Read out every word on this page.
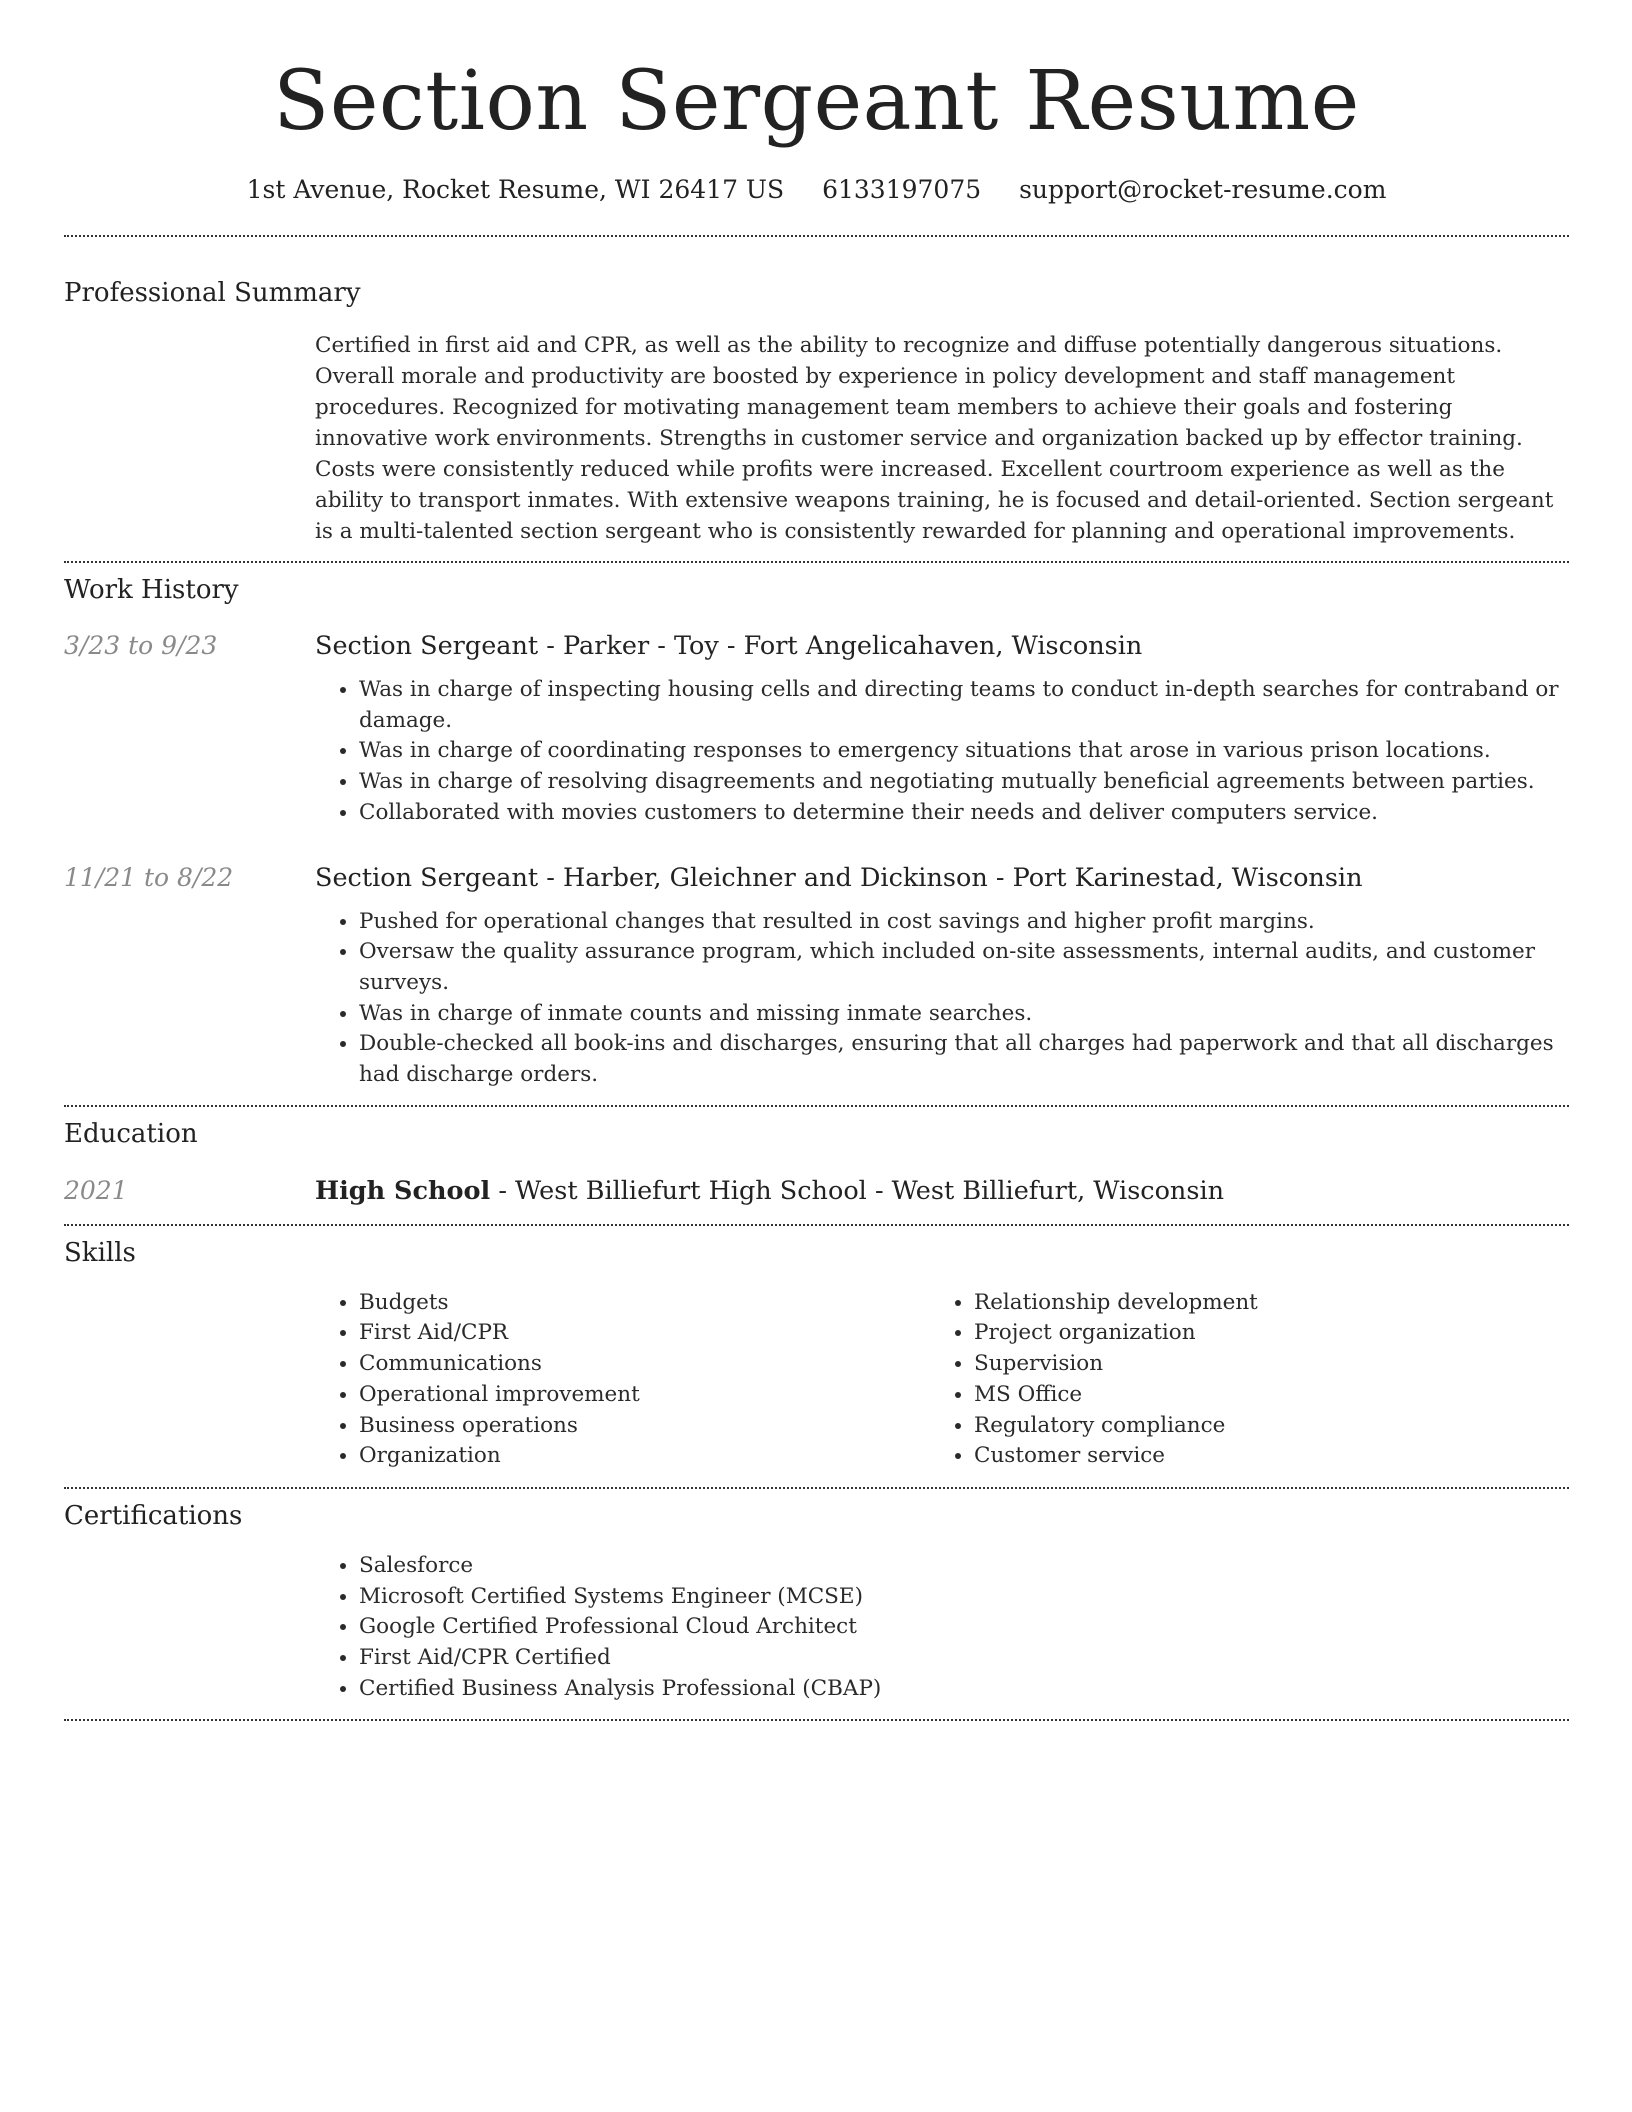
Section Sergeant Resume
1st Avenue, Rocket Resume, WI 26417 US 6133197075 support@rocket-resume.com
Professional Summary
Certified in first aid and CPR, as well as the ability to recognize and diffuse potentially dangerous situations. Overall morale and productivity are boosted by experience in policy development and staff management procedures. Recognized for motivating management team members to achieve their goals and fostering innovative work environments. Strengths in customer service and organization backed up by effector training. Costs were consistently reduced while profits were increased. Excellent courtroom experience as well as the ability to transport inmates. With extensive weapons training, he is focused and detail-oriented. Section sergeant is a multi-talented section sergeant who is consistently rewarded for planning and operational improvements.
Work History
3/23 to 9/23	Section Sergeant - Parker - Toy - Fort Angelicahaven, Wisconsin
• Was in charge of inspecting housing cells and directing teams to conduct in-depth searches for contraband or damage.
• Was in charge of coordinating responses to emergency situations that arose in various prison locations.
• Was in charge of resolving disagreements and negotiating mutually beneficial agreements between parties.
• Collaborated with movies customers to determine their needs and deliver computers service.
11/21 to 8/22	Section Sergeant - Harber, Gleichner and Dickinson - Port Karinestad, Wisconsin
• Pushed for operational changes that resulted in cost savings and higher profit margins.
• Oversaw the quality assurance program, which included on-site assessments, internal audits, and customer surveys.
• Was in charge of inmate counts and missing inmate searches.
• Double-checked all book-ins and discharges, ensuring that all charges had paperwork and that all discharges had discharge orders.
Education
2021	High School - West Billiefurt High School - West Billiefurt, Wisconsin
Skills
• Budgets
• First Aid/CPR
• Communications
• Operational improvement
• Business operations
• Organization
• Relationship development
• Project organization
• Supervision
• MS Office
• Regulatory compliance
• Customer service
Certifications
• Salesforce
• Microsoft Certified Systems Engineer (MCSE)
• Google Certified Professional Cloud Architect
• First Aid/CPR Certified
• Certified Business Analysis Professional (CBAP)
